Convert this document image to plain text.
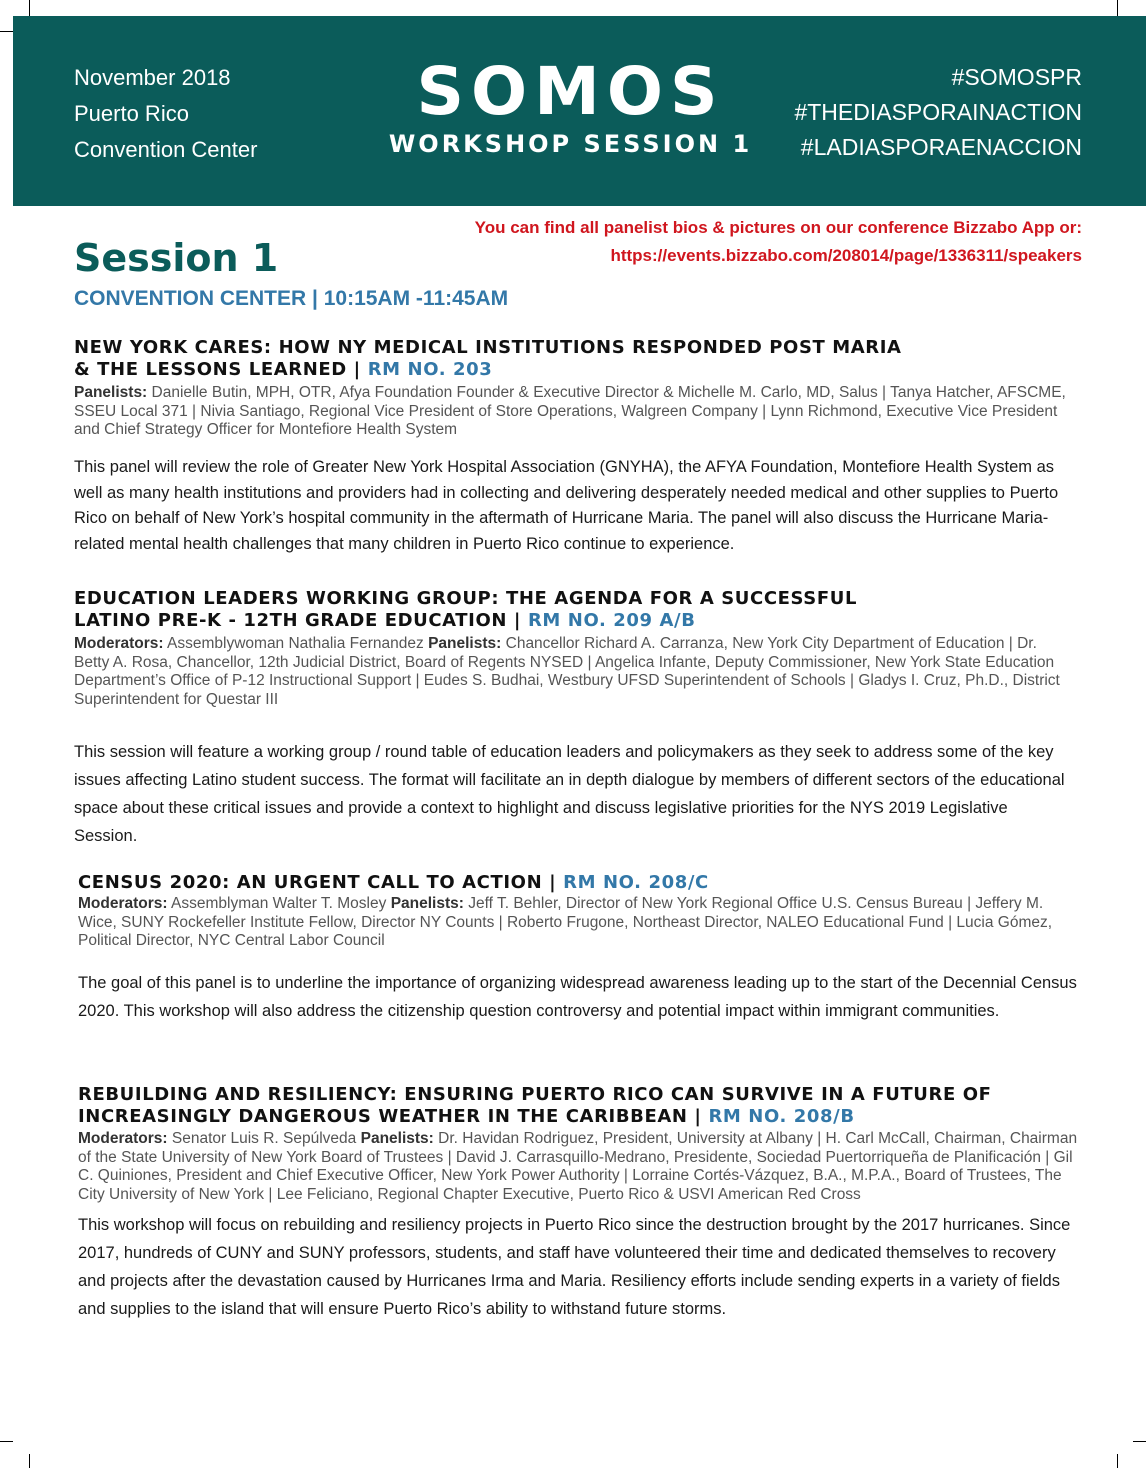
November 2018
Puerto Rico
Convention Center
SOMOS
WORKSHOP SESSION 1
#SOMOSPR
#THEDIASPORAINACTION
#LADIASPORAENACCION
You can find all panelist bios & pictures on our conference Bizzabo App or:
https://events.bizzabo.com/208014/page/1336311/speakers
Session 1
CONVENTION CENTER | 10:15AM -11:45AM
NEW YORK CARES: HOW NY MEDICAL INSTITUTIONS RESPONDED POST MARIA
& THE LESSONS LEARNED | RM NO. 203

Panelists: Danielle Butin, MPH, OTR, Afya Foundation Founder & Executive Director & Michelle M. Carlo, MD, Salus | Tanya Hatcher, AFSCME, SSEU Local 371 | Nivia Santiago, Regional Vice President of Store Operations, Walgreen Company | Lynn Richmond, Executive Vice President and Chief Strategy Officer for Montefiore Health System

This panel will review the role of Greater New York Hospital Association (GNYHA), the AFYA Foundation, Montefiore Health System as well as many health institutions and providers had in collecting and delivering desperately needed medical and other supplies to Puerto Rico on behalf of New York’s hospital community in the aftermath of Hurricane Maria. The panel will also discuss the Hurricane Maria-related mental health challenges that many children in Puerto Rico continue to experience.

EDUCATION LEADERS WORKING GROUP: THE AGENDA FOR A SUCCESSFUL
LATINO PRE-K - 12TH GRADE EDUCATION | RM NO. 209 A/B

Moderators: Assemblywoman Nathalia Fernandez Panelists: Chancellor Richard A. Carranza, New York City Department of Education | Dr. Betty A. Rosa, Chancellor, 12th Judicial District, Board of Regents NYSED | Angelica Infante, Deputy Commissioner, New York State Education Department’s Office of P-12 Instructional Support | Eudes S. Budhai, Westbury UFSD Superintendent of Schools | Gladys I. Cruz, Ph.D., District Superintendent for Questar III

This session will feature a working group / round table of education leaders and policymakers as they seek to address some of the key issues affecting Latino student success. The format will facilitate an in depth dialogue by members of different sectors of the educational space about these critical issues and provide a context to highlight and discuss legislative priorities for the NYS 2019 Legislative Session.

CENSUS 2020: AN URGENT CALL TO ACTION | RM NO. 208/C

Moderators: Assemblyman Walter T. Mosley Panelists: Jeff T. Behler, Director of New York Regional Office U.S. Census Bureau | Jeffery M. Wice, SUNY Rockefeller Institute Fellow, Director NY Counts | Roberto Frugone, Northeast Director, NALEO Educational Fund | Lucia Gómez, Political Director, NYC Central Labor Council

The goal of this panel is to underline the importance of organizing widespread awareness leading up to the start of the Decennial Census 2020. This workshop will also address the citizenship question controversy and potential impact within immigrant communities.

REBUILDING AND RESILIENCY: ENSURING PUERTO RICO CAN SURVIVE IN A FUTURE OF
INCREASINGLY DANGEROUS WEATHER IN THE CARIBBEAN | RM NO. 208/B

Moderators: Senator Luis R. Sepúlveda Panelists: Dr. Havidan Rodriguez, President, University at Albany | H. Carl McCall, Chairman, Chairman of the State University of New York Board of Trustees | David J. Carrasquillo-Medrano, Presidente, Sociedad Puertorriqueña de Planificación | Gil C. Quiniones, President and Chief Executive Officer, New York Power Authority | Lorraine Cortés-Vázquez, B.A., M.P.A., Board of Trustees, The City University of New York | Lee Feliciano, Regional Chapter Executive, Puerto Rico & USVI American Red Cross

This workshop will focus on rebuilding and resiliency projects in Puerto Rico since the destruction brought by the 2017 hurricanes. Since 2017, hundreds of CUNY and SUNY professors, students, and staff have volunteered their time and dedicated themselves to recovery and projects after the devastation caused by Hurricanes Irma and Maria. Resiliency efforts include sending experts in a variety of fields and supplies to the island that will ensure Puerto Rico’s ability to withstand future storms.
